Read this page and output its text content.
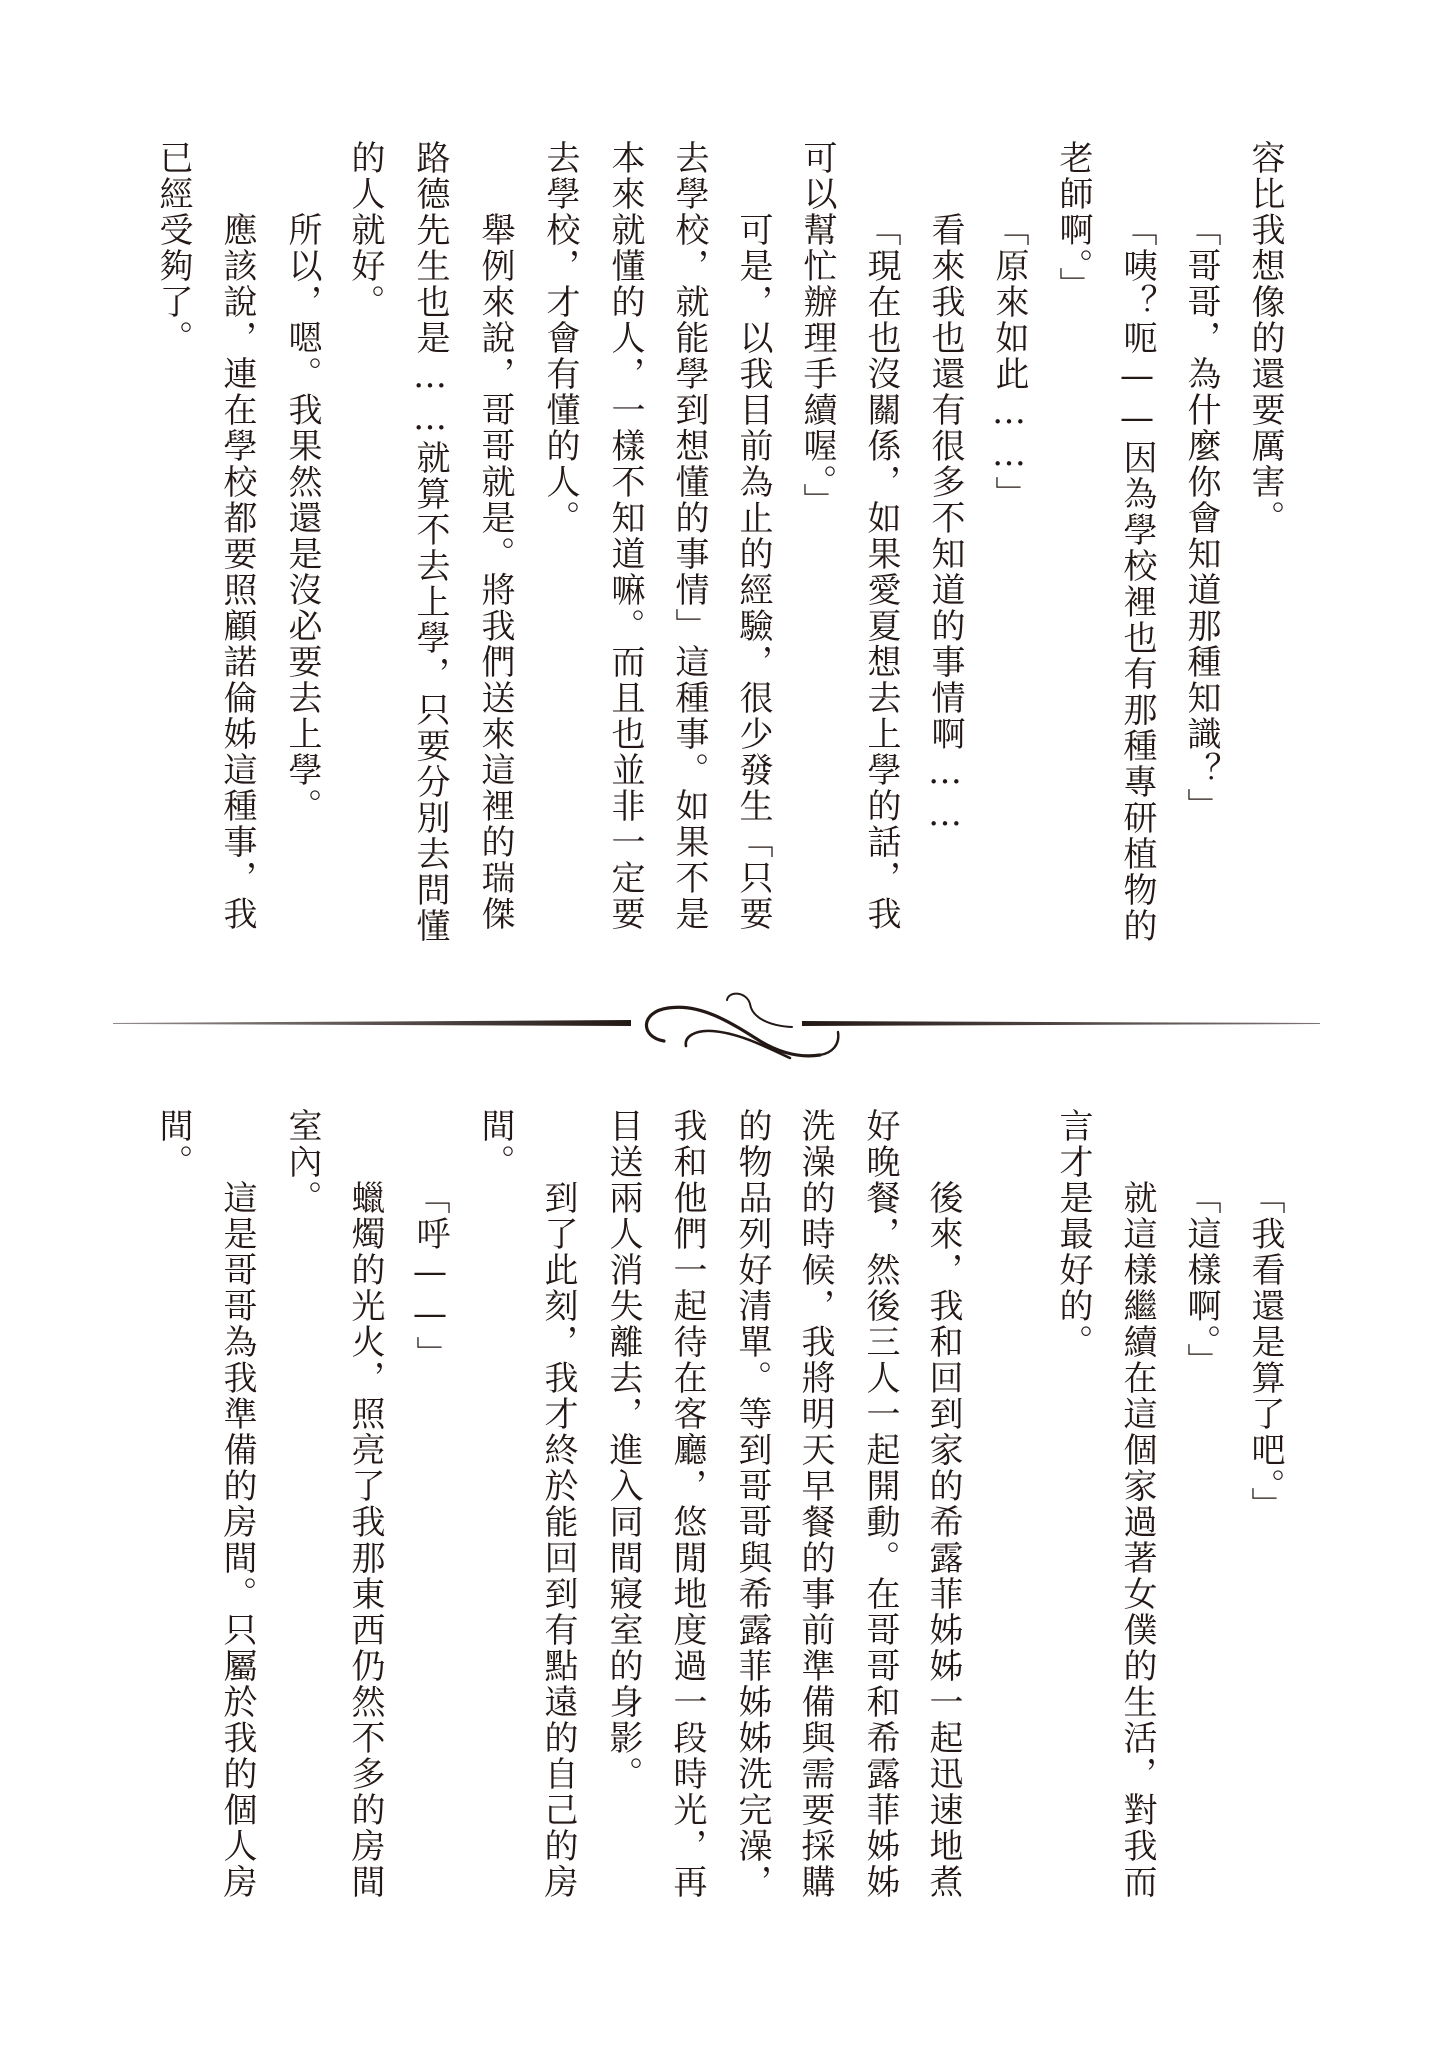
容比我想像的還要厲害。
「哥哥，為什麼你會知道那種知識？」
「咦？呃——因為學校裡也有那種專研植物的
老師啊。」
「原來如此……」
看來我也還有很多不知道的事情啊……
「現在也沒關係，如果愛夏想去上學的話，我
可以幫忙辦理手續喔。」
可是，以我目前為止的經驗，很少發生「只要
去學校，就能學到想懂的事情」這種事。如果不是
本來就懂的人，一樣不知道嘛。而且也並非一定要
去學校，才會有懂的人。
舉例來說，哥哥就是。將我們送來這裡的瑞傑
路德先生也是……就算不去上學，只要分別去問懂
的人就好。
所以，嗯。我果然還是沒必要去上學。
應該說，連在學校都要照顧諾倫姊這種事，我
已經受夠了。
「我看還是算了吧。」
「這樣啊。」
就這樣繼續在這個家過著女僕的生活，對我而
言才是最好的。
後來，我和回到家的希露菲姊姊一起迅速地煮
好晚餐，然後三人一起開動。在哥哥和希露菲姊姊
洗澡的時候，我將明天早餐的事前準備與需要採購
的物品列好清單。等到哥哥與希露菲姊姊洗完澡，
我和他們一起待在客廳，悠閒地度過一段時光，再
目送兩人消失離去，進入同間寢室的身影。
到了此刻，我才終於能回到有點遠的自己的房
間。
「呼——」
蠟燭的光火，照亮了我那東西仍然不多的房間
室內。
這是哥哥為我準備的房間。只屬於我的個人房
間。
